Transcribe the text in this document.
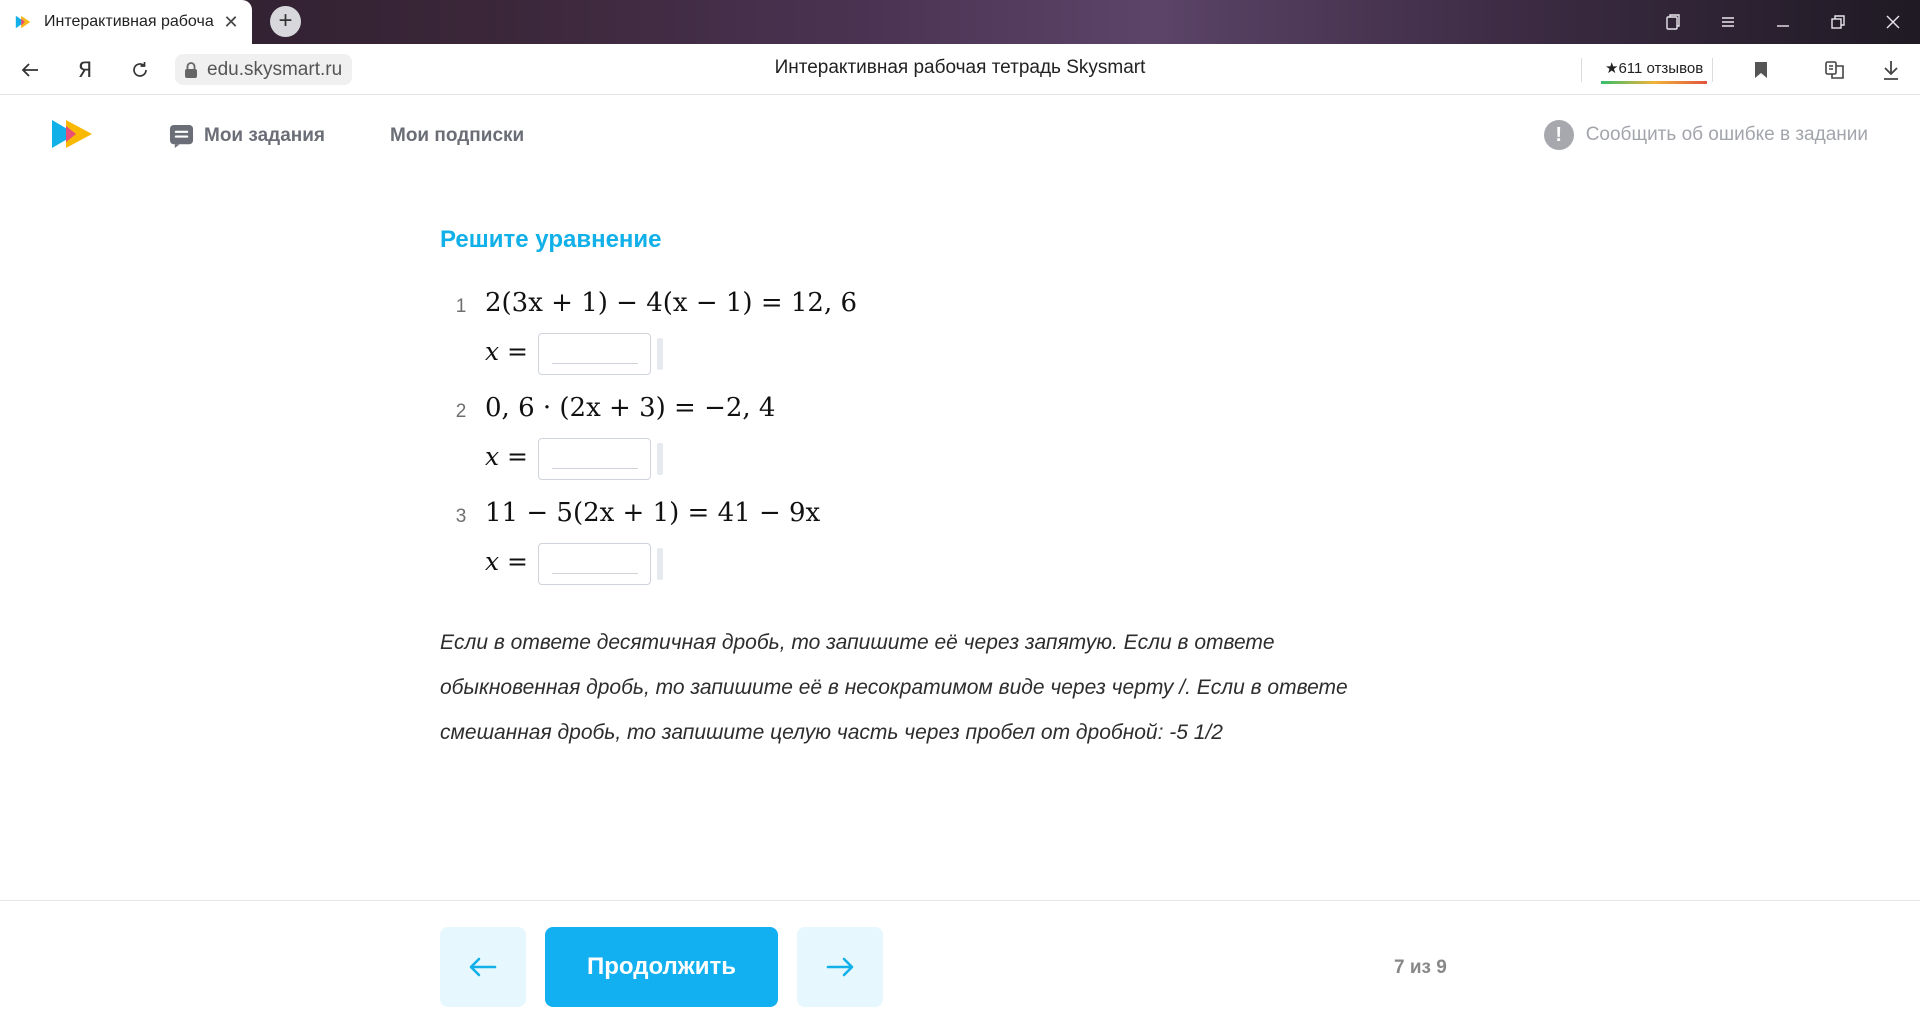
Интерактивная рабоча ✕	+
Я	edu.skysmart.ru	Интерактивная рабочая тетрадь Skysmart	★611 отзывов
Мои задания	Мои подписки	!	Сообщить об ошибке в задании
Решите уравнение
1 2(3x + 1) − 4(x − 1) = 12, 6
x =
2 0, 6 · (2x + 3) = −2, 4
x =
3 11 − 5(2x + 1) = 41 − 9x
x =
Если в ответе десятичная дробь, то запишите её через запятую. Если в ответе обыкновенная дробь, то запишите её в несократимом виде через черту /. Если в ответе смешанная дробь, то запишите целую часть через пробел от дробной: -5 1/2
Продолжить	7 из 9
